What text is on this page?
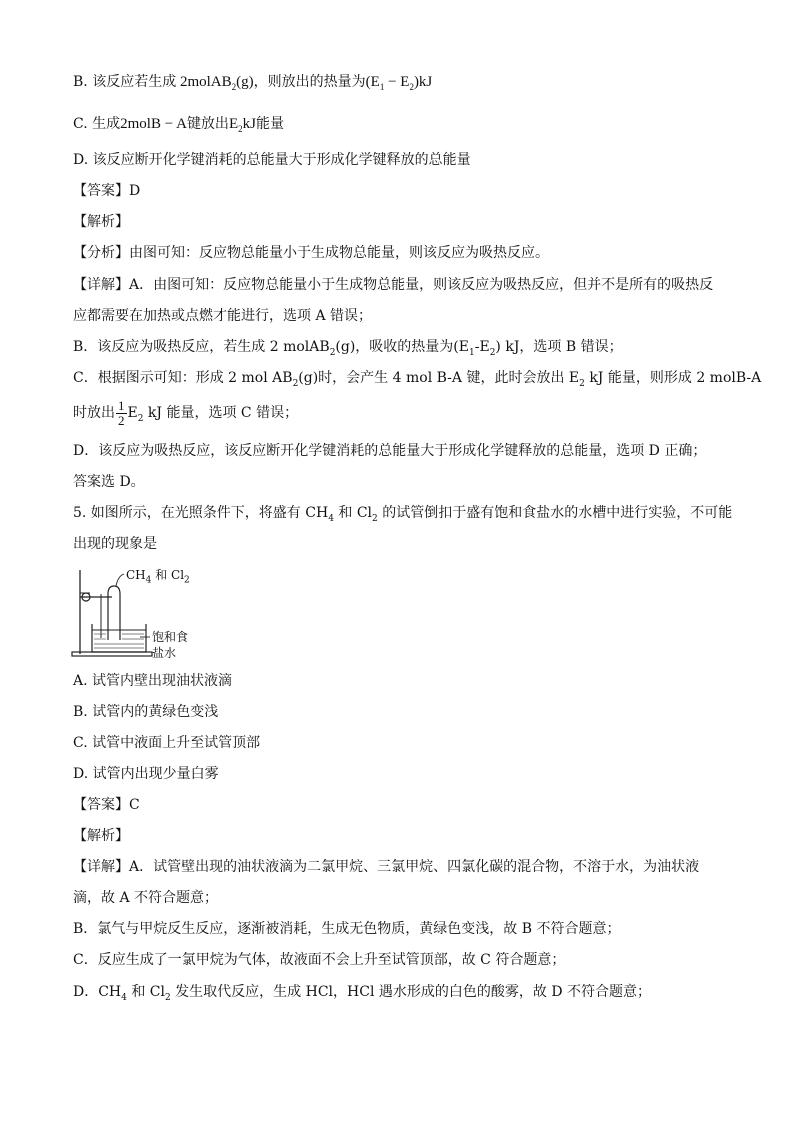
B. 该反应若生成 2molAB$_2$(g)，则放出的热量为$(E_1 - E_2)kJ$
C. 生成2molB − A键放出$E_2kJ$能量
D. 该反应断开化学键消耗的总能量大于形成化学键释放的总能量
【答案】D
【解析】
【分析】由图可知：反应物总能量小于生成物总能量，则该反应为吸热反应。
【详解】A．由图可知：反应物总能量小于生成物总能量，则该反应为吸热反应，但并不是所有的吸热反
应都需要在加热或点燃才能进行，选项 A 错误；
B．该反应为吸热反应，若生成 2 molAB$_2$(g)，吸收的热量为$(E_1-E_2)$ kJ，选项 B 错误；
C．根据图示可知：形成 2 mol $AB_2(g)$时，会产生 4 mol B-A 键，此时会放出 $E_2$ kJ 能量，则形成 2 molB-A
时放出 $\frac{1}{2} E_2$ kJ 能量，选项 C 错误；
D．该反应为吸热反应，该反应断开化学键消耗的总能量大于形成化学键释放的总能量，选项 D 正确；
答案选 D。
5. 如图所示，在光照条件下，将盛有 $CH_4$ 和 $Cl_2$ 的试管倒扣于盛有饱和食盐水的水槽中进行实验，不可能
出现的现象是
$CH_4$ 和 $Cl_2$
饱和食
盐水
A. 试管内壁出现油状液滴
B. 试管内的黄绿色变浅
C. 试管中液面上升至试管顶部
D. 试管内出现少量白雾
【答案】C
【解析】
【详解】A．试管壁出现的油状液滴为二氯甲烷、三氯甲烷、四氯化碳的混合物，不溶于水，为油状液
滴，故 A 不符合题意；
B．氯气与甲烷反生反应，逐渐被消耗，生成无色物质，黄绿色变浅，故 B 不符合题意；
C．反应生成了一氯甲烷为气体，故液面不会上升至试管顶部，故 C 符合题意；
D．$CH_4$ 和 $Cl_2$ 发生取代反应，生成 HCl，HCl 遇水形成的白色的酸雾，故 D 不符合题意；
